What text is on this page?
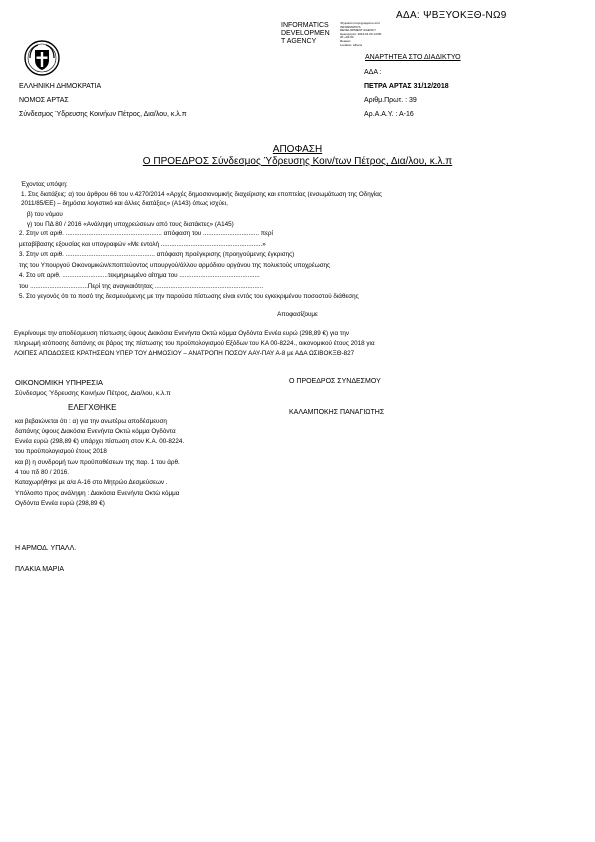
ΑΔΑ: ΨΒΞΥΟΚΞΘ-ΝΩ9
INFORMATICS
DEVELOPMEN
T AGENCY
Ψηφιακά υπογεγραμμένο από
INFORMATICS
DEVELOPMENT AGENCY
Ημερομηνία: 2019.01.03 14:08:
20 +02:00
Reason:
Location: Athens
ΑΝΑΡΤΗΤΕΑ ΣΤΟ ΔΙΑΔΙΚΤΥΟ
ΕΛΛΗΝΙΚΗ ΔΗΜΟΚΡΑΤΙΑ
ΝΟΜΟΣ ΑΡΤΑΣ
Σύνδεσμος Ύδρευσης Κοινήων Πέτρος, Δια/λου, κ.λ.π
ΑΔΑ :
ΠΕΤΡΑ ΑΡΤΑΣ 31/12/2018
Αριθμ.Πρωτ. : 39
Αρ.Α.Α.Υ. : Α-16
ΑΠΟΦΑΣΗ
Ο ΠΡΟΕΔΡΟΣ Σύνδεσμος Ύδρευσης Κοιν/των Πέτρος, Δια/λου, κ.λ.π
Έχοντας υπόψη:
1. Στις διατάξεις: α) του άρθρου 66 του ν.4270/2014 «Αρχές δημοσιονομικής διαχείρισης και εποπτείας (ενσωμάτωση της Οδηγίας
2011/85/ΕΕ) – δημόσια λογιστικό και άλλες διατάξεις» (Α143) όπως ισχύει,
β) του νόμου
γ) του ΠΔ 80 / 2016 «Ανάληψη υποχρεώσεων από τους διατάκτες» (Α145)
2. Στην υπ αριθ. ....................................................... απόφαση του ................................ περί
μεταβίβασης εξουσίας και υπογραφών «Με εντολή ..........................................................»
3. Στην υπ αριθ. ................................................... απόφαση προέγκρισης (προηγούμενης έγκρισης)
της του Υπουργού Οικονομικών/εποπτεύοντος υπουργού/άλλου αρμόδιου οργάνου της πολυετούς υποχρέωσης
4. Στο υπ αριθ. ..........................τεκμηριωμένο αίτημα του ..............................................
του .................................Περί της αναγκαιότητας ..............................................................
5. Στο γεγονός ότι το ποσό της δεσμευόμενης με την παρούσα πίστωσης είναι εντός του εγκεκριμένου ποσοστού διάθεσης
Αποφασίζουμε
Εγκρίνουμε την αποδέσμευση πίστωσης ύψους Διακόσια Ενενήντα Οκτώ κόμμα Ογδόντα Εννέα ευρώ (298,89 €) για την
πληρωμή ισόποσης δαπάνης σε βάρος της πίστωσης του προϋπολογισμού Εξόδων του ΚΑ 00-8224., οικονομικού έτους 2018 για
ΛΟΙΠΕΣ ΑΠΟΔΟΣΕΙΣ ΚΡΑΤΗΣΕΩΝ ΥΠΕΡ ΤΟΥ ΔΗΜΟΣΙΟΥ – ΑΝΑΤΡΟΠΗ ΠΟΣΟΥ ΑΑΥ-ΠΑΥ Α-8 με ΑΔΑ ΩΣΙΒΟΚΞΘ-827
ΟΙΚΟΝΟΜΙΚΗ ΥΠΗΡΕΣΙΑ
Σύνδεσμος Ύδρευσης Κοινήων Πέτρος, Δια/λου, κ.λ.π
ΕΛΕΓΧΘΗΚΕ
και βεβαιώνεται ότι : α) για την ανωτέρω αποδέσμευση
δαπάνης ύψους Διακόσια Ενενήντα Οκτώ κόμμα Ογδόντα
Εννέα ευρώ (298,89 €) υπάρχει πίστωση στον Κ.Α. 00-8224.
του προϋπολογισμού έτους 2018
και β) η συνδρομή των προϋποθέσεων της παρ. 1 του άρθ.
4 του πδ 80 / 2016.
Καταχωρήθηκε με α/α Α-16 στο Μητρώο Δεσμεύσεων .
Υπόλοιπο προς ανάληψη : Διακόσια Ενενήντα Οκτώ κόμμα
Ογδόντα Εννέα ευρώ (298,89 €)
Ο ΠΡΟΕΔΡΟΣ ΣΥΝΔΕΣΜΟΥ
ΚΑΛΑΜΠΟΚΗΣ ΠΑΝΑΓΙΩΤΗΣ
Η ΑΡΜΟΔ. ΥΠΑΛΛ.
ΠΛΑΚΙΑ ΜΑΡΙΑ
